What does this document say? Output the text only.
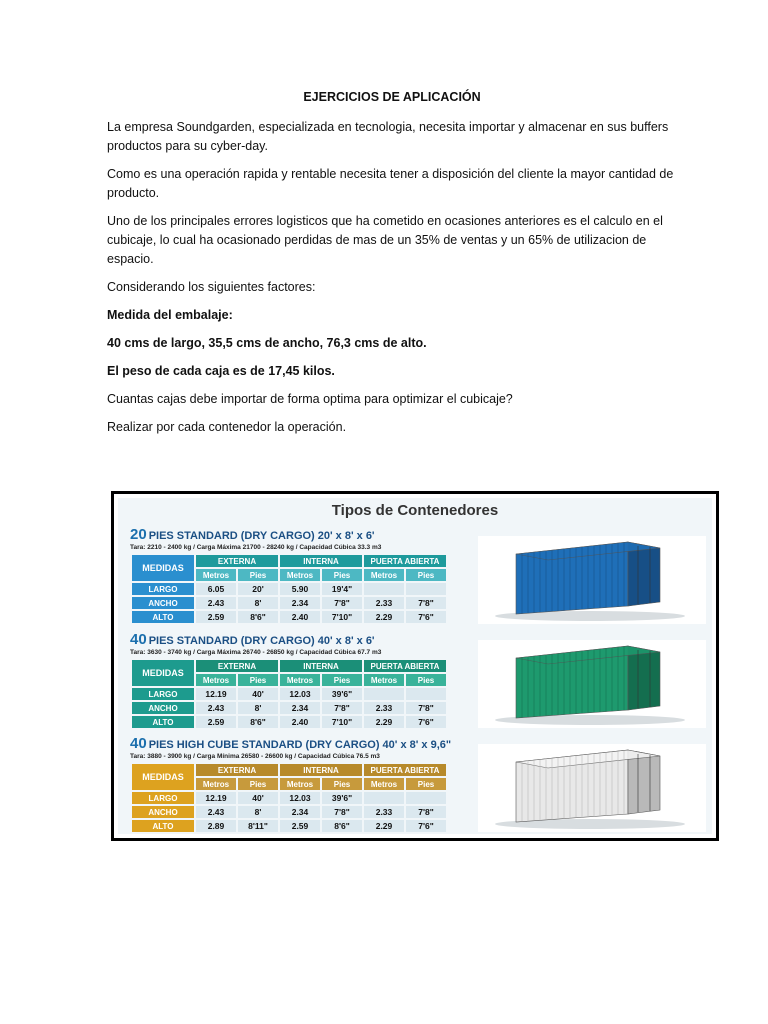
EJERCICIOS DE APLICACIÓN

La empresa Soundgarden, especializada en tecnologia, necesita importar y almacenar en sus buffers productos para su cyber-day.

Como es una operación rapida y rentable necesita tener a disposición del cliente la mayor cantidad de producto.

Uno de los principales errores logisticos que ha cometido en ocasiones anteriores es el calculo en el cubicaje, lo cual ha ocasionado perdidas de mas de un 35% de ventas y un 65% de utilizacion de espacio.

Considerando los siguientes factores:

Medida del embalaje:

40 cms de largo, 35,5 cms de ancho, 76,3 cms de alto.

El peso de cada caja es de 17,45 kilos.

Cuantas cajas debe importar de forma optima para optimizar el cubicaje?

Realizar por cada contenedor la operación.

Tipos de Contenedores
20 PIES STANDARD (DRY CARGO) 20' x 8' x 6'
Tara: 2210 - 2400 kg / Carga Máxima 21700 - 28240 kg / Capacidad Cúbica 33.3 m3
MEDIDAS	EXTERNA		INTERNA		PUERTA ABIERTA	
	Metros	Pies	Metros	Pies	Metros	Pies
LARGO	6.05	20'	5.90	19'4"		
ANCHO	2.43	8'	2.34	7'8"	2.33	7'8"
ALTO	2.59	8'6"	2.40	7'10"	2.29	7'6"
40 PIES STANDARD (DRY CARGO) 40' x 8' x 6'
Tara: 3630 - 3740 kg / Carga Máxima 26740 - 26850 kg / Capacidad Cúbica 67.7 m3
MEDIDAS	EXTERNA		INTERNA		PUERTA ABIERTA	
	Metros	Pies	Metros	Pies	Metros	Pies
LARGO	12.19	40'	12.03	39'6"		
ANCHO	2.43	8'	2.34	7'8"	2.33	7'8"
ALTO	2.59	8'6"	2.40	7'10"	2.29	7'6"
40 PIES HIGH CUBE STANDARD (DRY CARGO) 40' x 8' x 9,6"
Tara: 3880 - 3900 kg / Carga Mínima 26580 - 26600 kg / Capacidad Cúbica 76.5 m3
MEDIDAS	EXTERNA		INTERNA		PUERTA ABIERTA	
	Metros	Pies	Metros	Pies	Metros	Pies
LARGO	12.19	40'	12.03	39'6"		
ANCHO	2.43	8'	2.34	7'8"	2.33	7'8"
ALTO	2.89	8'11"	2.59	8'6"	2.29	7'6"
